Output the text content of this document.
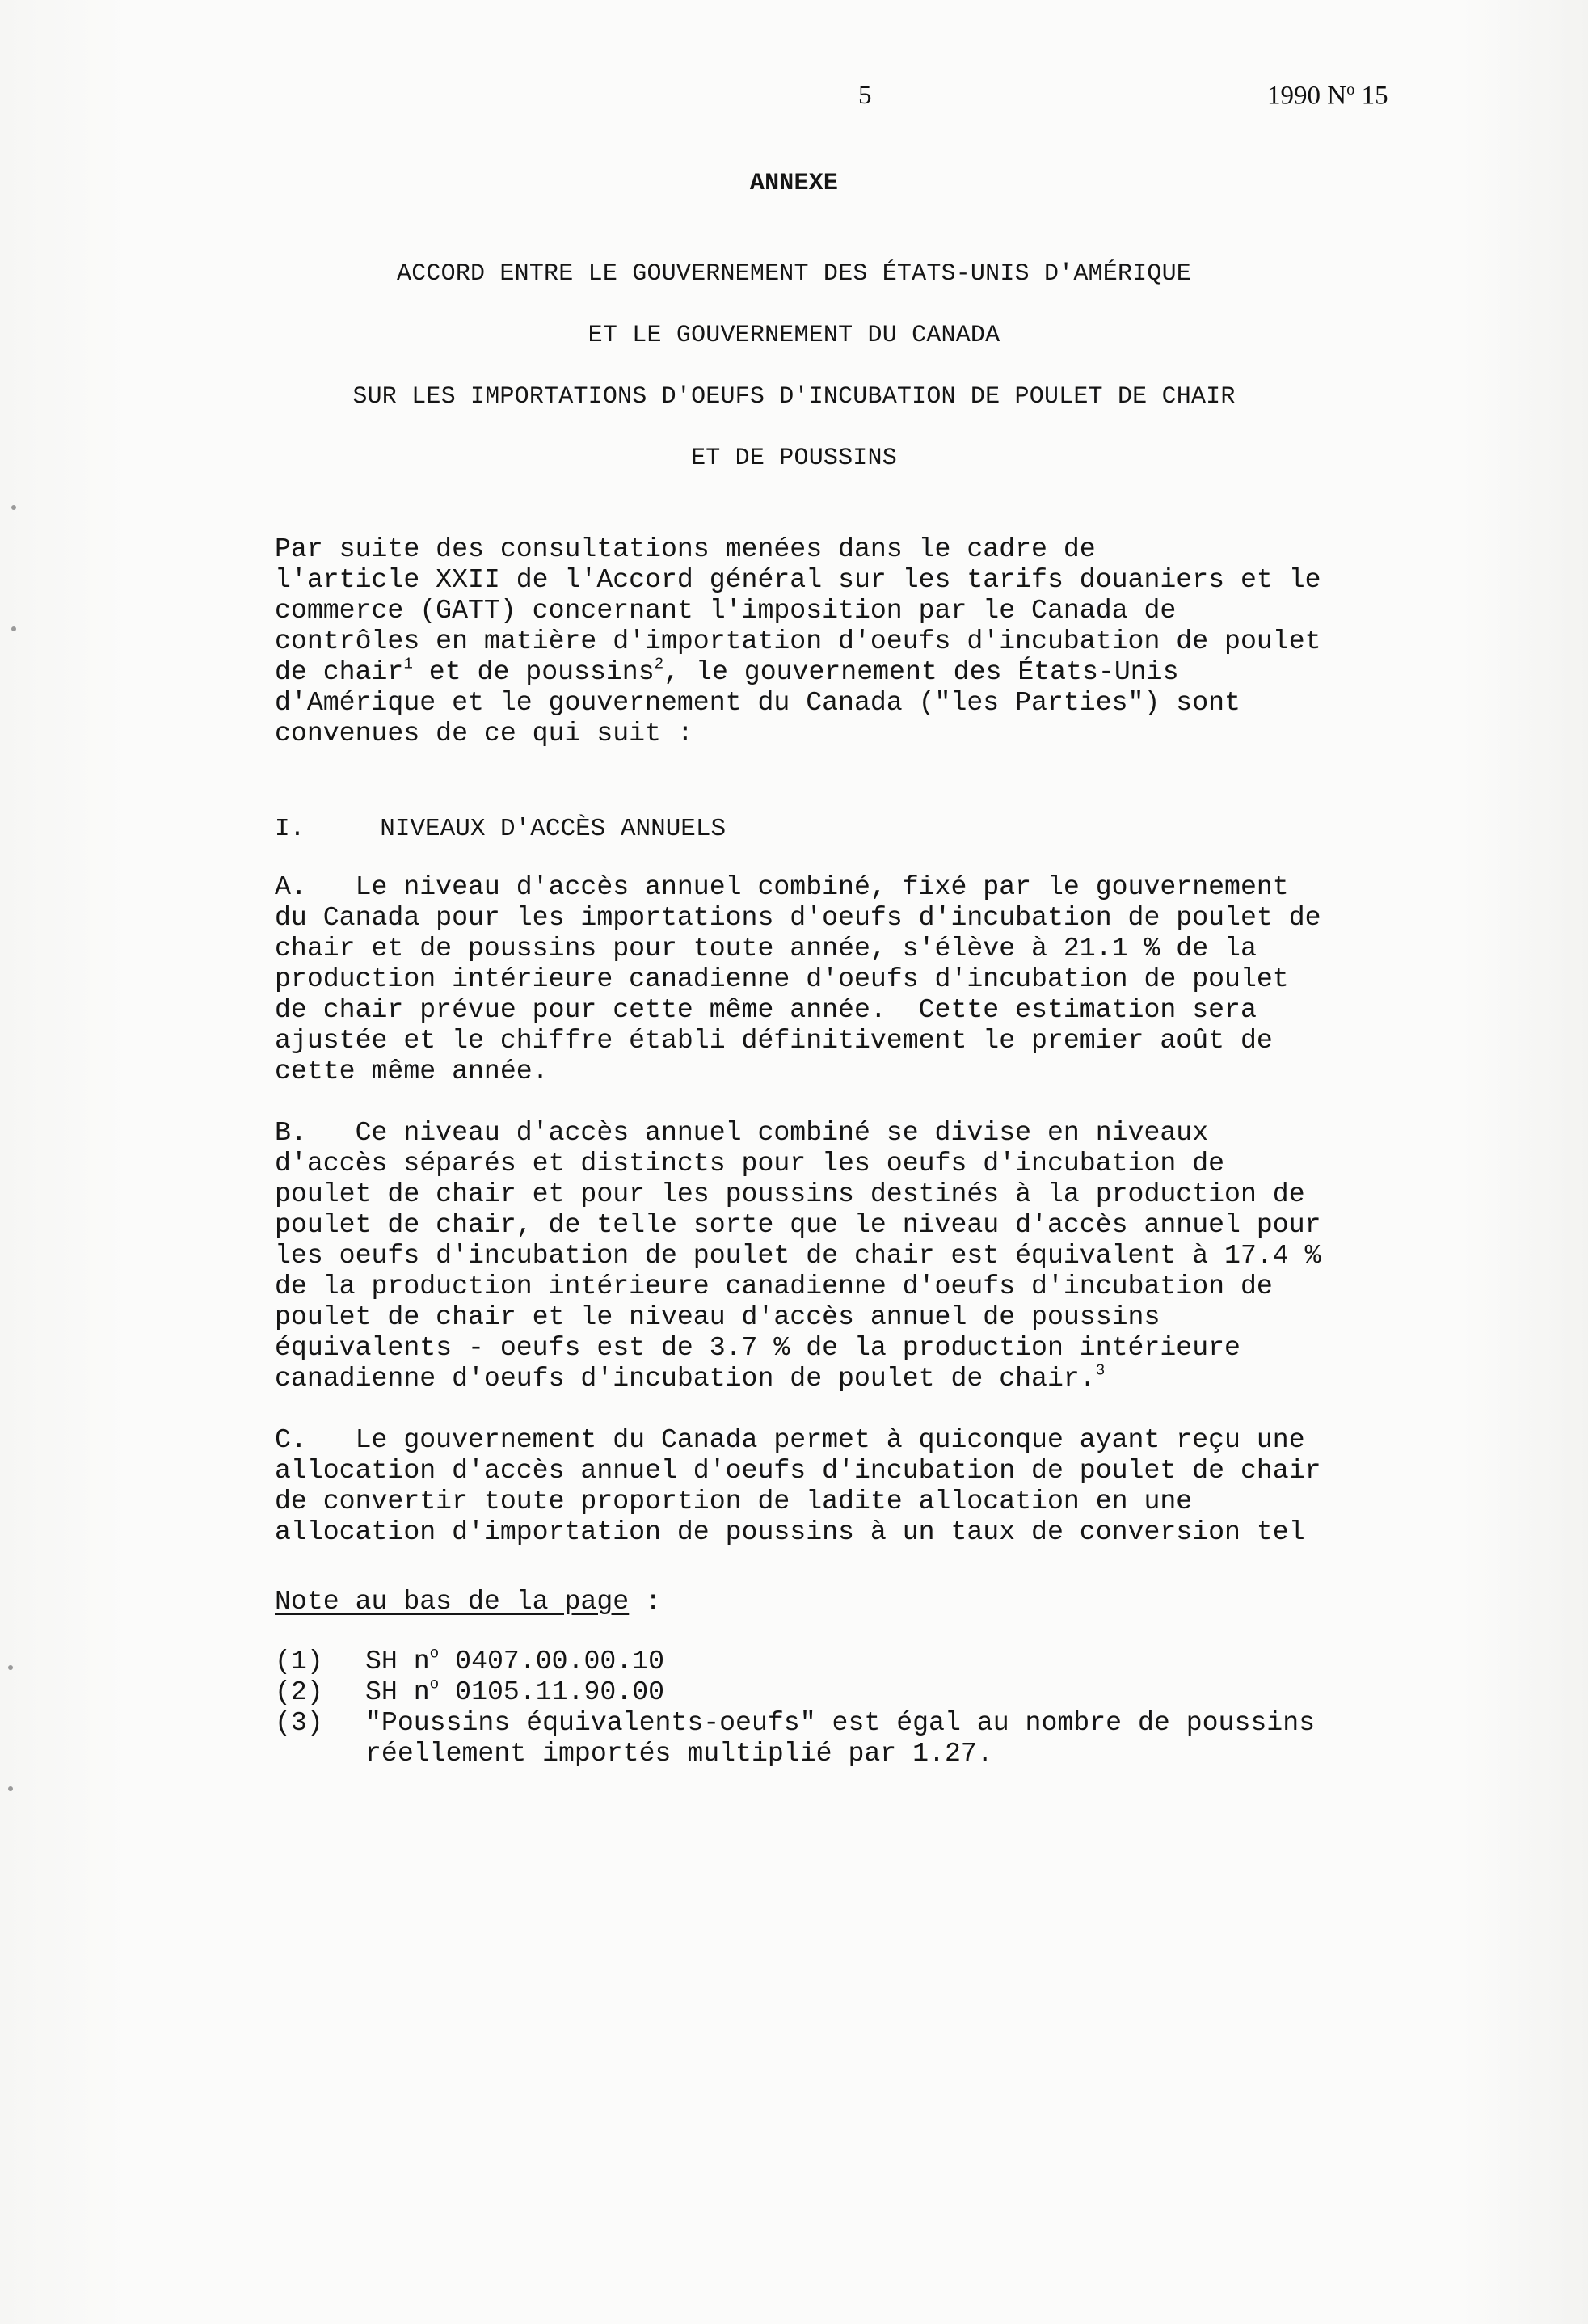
5	1990 $N^o$ 15
ANNEXE
ACCORD ENTRE LE GOUVERNEMENT DES ÉTATS-UNIS D'AMÉRIQUE
ET LE GOUVERNEMENT DU CANADA
SUR LES IMPORTATIONS D'OEUFS D'INCUBATION DE POULET DE CHAIR
ET DE POUSSINS
Par suite des consultations menées dans le cadre de
l'article XXII de l'Accord général sur les tarifs douaniers et le
commerce (GATT) concernant l'imposition par le Canada de
contrôles en matière d'importation d'oeufs d'incubation de poulet
de chair$^1$ et de poussins$^2$, le gouvernement des États-Unis
d'Amérique et le gouvernement du Canada ("les Parties") sont
convenues de ce qui suit :
I.	NIVEAUX D'ACCÈS ANNUELS
A.   Le niveau d'accès annuel combiné, fixé par le gouvernement
du Canada pour les importations d'oeufs d'incubation de poulet de
chair et de poussins pour toute année, s'élève à 21.1 % de la
production intérieure canadienne d'oeufs d'incubation de poulet
de chair prévue pour cette même année.  Cette estimation sera
ajustée et le chiffre établi définitivement le premier août de
cette même année.
B.   Ce niveau d'accès annuel combiné se divise en niveaux
d'accès séparés et distincts pour les oeufs d'incubation de
poulet de chair et pour les poussins destinés à la production de
poulet de chair, de telle sorte que le niveau d'accès annuel pour
les oeufs d'incubation de poulet de chair est équivalent à 17.4 %
de la production intérieure canadienne d'oeufs d'incubation de
poulet de chair et le niveau d'accès annuel de poussins
équivalents - oeufs est de 3.7 % de la production intérieure
canadienne d'oeufs d'incubation de poulet de chair.$^3$
C.   Le gouvernement du Canada permet à quiconque ayant reçu une
allocation d'accès annuel d'oeufs d'incubation de poulet de chair
de convertir toute proportion de ladite allocation en une
allocation d'importation de poussins à un taux de conversion tel
Note au bas de la page :
(1) SH n$^o$ 0407.00.00.10
(2) SH n$^o$ 0105.11.90.00
(3) "Poussins équivalents-oeufs" est égal au nombre de poussins
réellement importés multiplié par 1.27.
